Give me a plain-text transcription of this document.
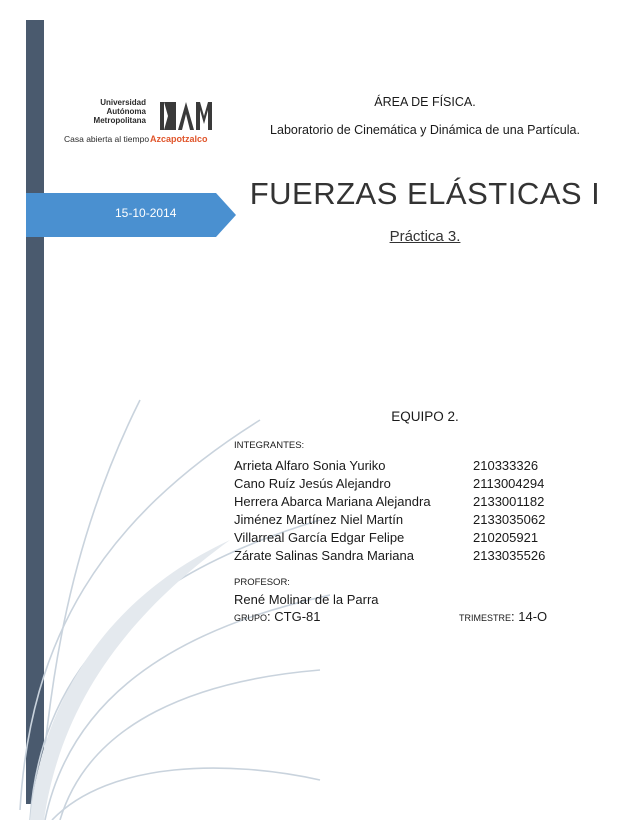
Universidad
Autónoma
Metropolitana
Casa abierta al tiempo Azcapotzalco
15-10-2014
ÁREA DE FÍSICA.
Laboratorio de Cinemática y Dinámica de una Partícula.
FUERZAS ELÁSTICAS I
Práctica 3.
EQUIPO 2.
INTEGRANTES:
Arrieta Alfaro Sonia Yuriko	210333326
Cano Ruíz Jesús Alejandro	2113004294
Herrera Abarca Mariana Alejandra	2133001182
Jiménez Martínez Niel Martín	2133035062
Villarreal García Edgar Felipe	210205921
Zárate Salinas Sandra Mariana	2133035526
PROFESOR:
René Molinar de la Parra
GRUPO: CTG-81	TRIMESTRE: 14-O
